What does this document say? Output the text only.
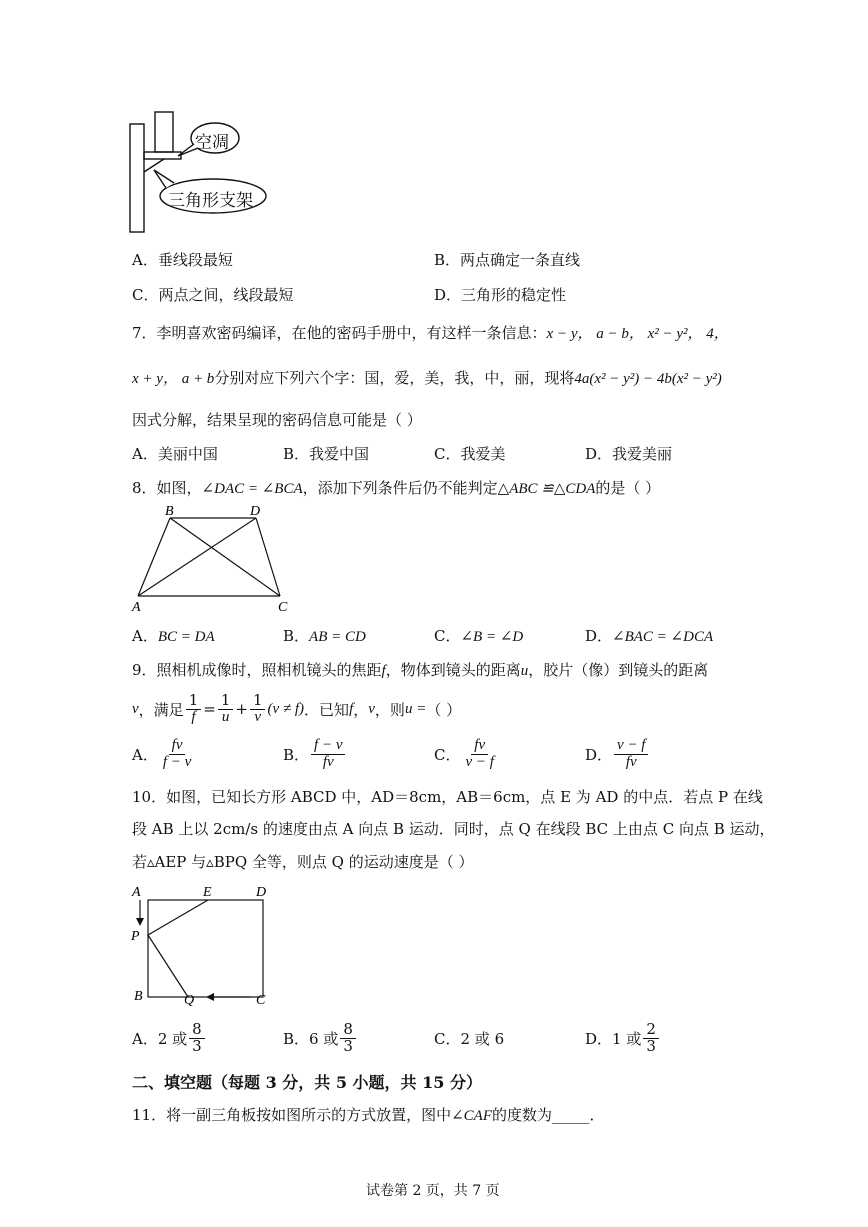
空凋
三角形支架
A．垂线段最短	B．两点确定一条直线
C．两点之间，线段最短	D．三角形的稳定性
7．李明喜欢密码编译，在他的密码手册中，有这样一条信息：x − y， a − b， x² − y²， 4，
x + y， a + b分别对应下列六个字：国，爱，美，我，中，丽，现将4a(x² − y²) − 4b(x² − y²)
因式分解，结果呈现的密码信息可能是（ ）
A．美丽中国	B．我爱中国	C．我爱美	D．我爱美丽
8．如图，∠DAC = ∠BCA，添加下列条件后仍不能判定△ABC ≌△CDA的是（ ）
B	D
A	C
A．BC = DA	B．AB = CD	C．∠B = ∠D	D．∠BAC = ∠DCA
9．照相机成像时，照相机镜头的焦距f，物体到镜头的距离u，胶片（像）到镜头的距离
v ，满足 $\frac{1}{f} = \frac{1}{u} + \frac{1}{v} (v \ne f)$ ．已知 f ， v ，则 u = （ ）
A． $\frac{fv}{f - v}$	B． $\frac{f - v}{fv}$	C． $\frac{fv}{v - f}$	D． $\frac{v - f}{fv}$
10．如图，已知长方形 ABCD 中，AD＝8cm，AB＝6cm，点 E 为 AD 的中点．若点 P 在线
段 AB 上以 2cm/s 的速度由点 A 向点 B 运动．同时，点 Q 在线段 BC 上由点 C 向点 B 运动，
若▵AEP 与▵BPQ 全等，则点 Q 的运动速度是（ ）
A	E	D
P
B	Q	C
A． 2 或 $\frac{8}{3}$	B． 6 或 $\frac{8}{3}$	C． 2 或 6	D． 1 或 $\frac{2}{3}$
二、填空题（每题 3 分，共 5 小题，共 15 分）
11．将一副三角板按如图所示的方式放置，图中∠CAF的度数为_____．
试卷第 2 页，共 7 页
